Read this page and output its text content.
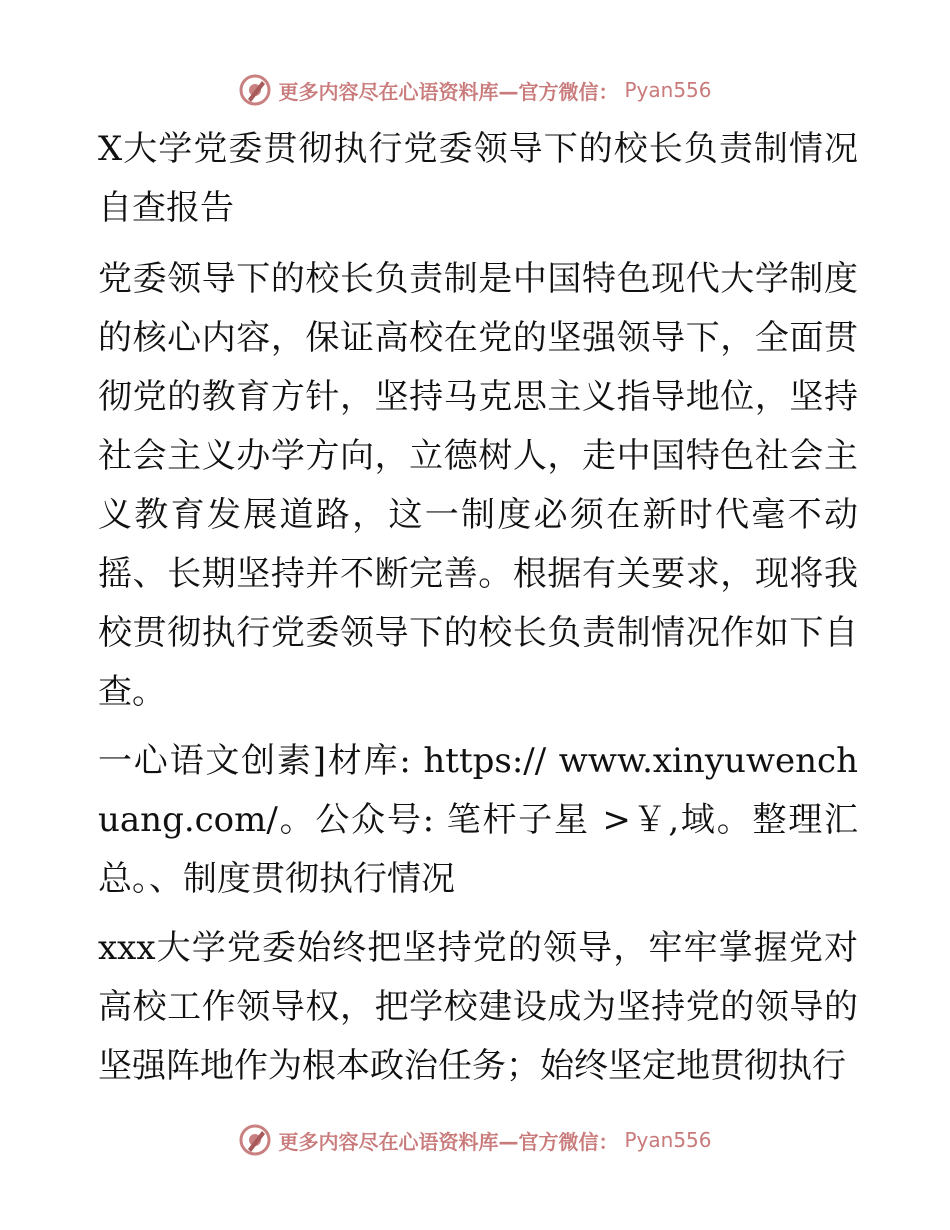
更多内容尽在心语资料库—官方微信： Pyan556

X大学党委贯彻执行党委领导下的校长负责制情况自查报告

党委领导下的校长负责制是中国特色现代大学制度的核心内容，保证高校在党的坚强领导下，全面贯彻党的教育方针，坚持马克思主义指导地位，坚持社会主义办学方向，立德树人，走中国特色社会主义教育发展道路，这一制度必须在新时代毫不动摇、长期坚持并不断完善。根据有关要求，现将我校贯彻执行党委领导下的校长负责制情况作如下自查。

一心语文创素]材库: https:// www.xinyuwenchuang.com/。公众号: 笔杆子星 >￥,域。整理汇总。、制度贯彻执行情况

xxx大学党委始终把坚持党的领导，牢牢掌握党对高校工作领导权，把学校建设成为坚持党的领导的坚强阵地作为根本政治任务；始终坚定地贯彻执行

更多内容尽在心语资料库—官方微信： Pyan556
